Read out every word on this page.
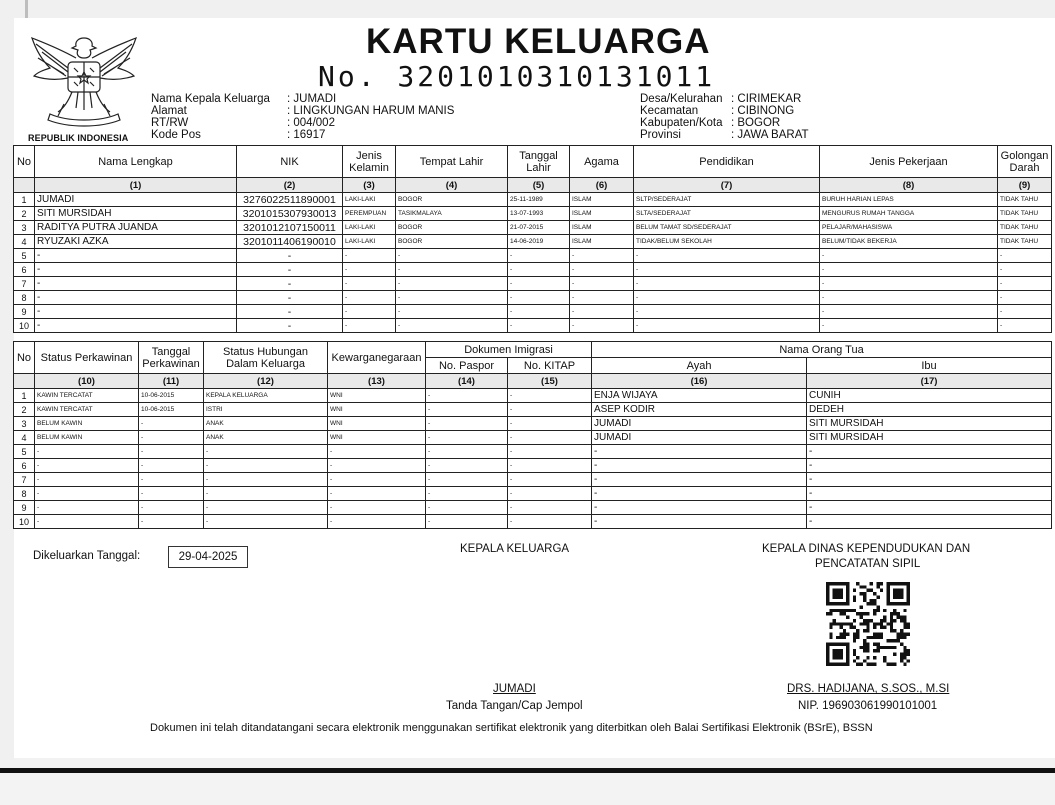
REPUBLIK INDONESIA
KARTU KELUARGA
No. 3201010310131011
Nama Kepala Keluarga : JUMADI
Alamat	: LINGKUNGAN HARUM MANIS
RT/RW	: 004/002
Kode Pos	: 16917
Desa/Kelurahan : CIRIMEKAR
Kecamatan	: CIBINONG
Kabupaten/Kota : BOGOR
Provinsi	: JAWA BARAT
No	Nama Lengkap	NIK	Jenis Kelamin	Tempat Lahir	Tanggal Lahir	Agama	Pendidikan	Jenis Pekerjaan	Golongan Darah
	(1)	(2)	(3)	(4)	(5)	(6)	(7)	(8)	(9)
1	JUMADI	3276022511890001	LAKI-LAKI	BOGOR	25-11-1989	ISLAM	SLTP/SEDERAJAT	BURUH HARIAN LEPAS	TIDAK TAHU
2	SITI MURSIDAH	3201015307930013	PEREMPUAN	TASIKMALAYA	13-07-1993	ISLAM	SLTA/SEDERAJAT	MENGURUS RUMAH TANGGA	TIDAK TAHU
3	RADITYA PUTRA JUANDA	3201012107150011	LAKI-LAKI	BOGOR	21-07-2015	ISLAM	BELUM TAMAT SD/SEDERAJAT	PELAJAR/MAHASISWA	TIDAK TAHU
4	RYUZAKI AZKA	3201011406190010	LAKI-LAKI	BOGOR	14-06-2019	ISLAM	TIDAK/BELUM SEKOLAH	BELUM/TIDAK BEKERJA	TIDAK TAHU
5	-	-	-	-	-	-	-	-	-
6	-	-	-	-	-	-	-	-	-
7	-	-	-	-	-	-	-	-	-
8	-	-	-	-	-	-	-	-	-
9	-	-	-	-	-	-	-	-	-
10	-	-	-	-	-	-	-	-	-
No	Status Perkawinan	Tanggal Perkawinan	Status Hubungan Dalam Keluarga	Kewarganegaraan	Dokumen Imigrasi		Nama Orang Tua	
					No. Paspor	No. KITAP	Ayah	Ibu
	(10)	(11)	(12)	(13)	(14)	(15)	(16)	(17)
1	KAWIN TERCATAT	10-06-2015	KEPALA KELUARGA	WNI	-	-	ENJA WIJAYA	CUNIH
2	KAWIN TERCATAT	10-06-2015	ISTRI	WNI	-	-	ASEP KODIR	DEDEH
3	BELUM KAWIN	-	ANAK	WNI	-	-	JUMADI	SITI MURSIDAH
4	BELUM KAWIN	-	ANAK	WNI	-	-	JUMADI	SITI MURSIDAH
5	-	-	-	-	-	-	-	-
6	-	-	-	-	-	-	-	-
7	-	-	-	-	-	-	-	-
8	-	-	-	-	-	-	-	-
9	-	-	-	-	-	-	-	-
10	-	-	-	-	-	-	-	-
Dikeluarkan Tanggal:	29-04-2025
KEPALA KELUARGA	KEPALA DINAS KEPENDUDUKAN DAN
PENCATATAN SIPIL
JUMADI
Tanda Tangan/Cap Jempol
DRS. HADIJANA, S.SOS., M.SI
NIP. 196903061990101001
Dokumen ini telah ditandatangani secara elektronik menggunakan sertifikat elektronik yang diterbitkan oleh Balai Sertifikasi Elektronik (BSrE), BSSN
